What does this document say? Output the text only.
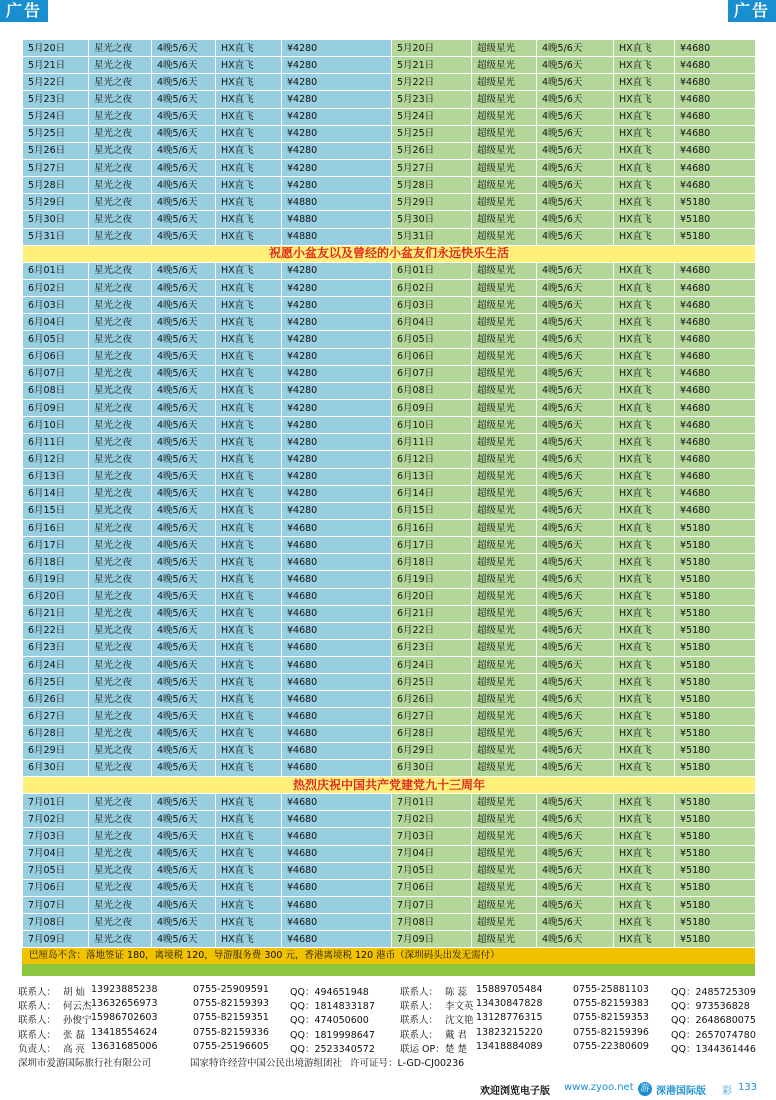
广告	广告
5月20日	星光之夜	4晚5/6天	HX直飞	¥4280	5月20日	超级星光	4晚5/6天	HX直飞	¥4680
5月21日	星光之夜	4晚5/6天	HX直飞	¥4280	5月21日	超级星光	4晚5/6天	HX直飞	¥4680
5月22日	星光之夜	4晚5/6天	HX直飞	¥4280	5月22日	超级星光	4晚5/6天	HX直飞	¥4680
5月23日	星光之夜	4晚5/6天	HX直飞	¥4280	5月23日	超级星光	4晚5/6天	HX直飞	¥4680
5月24日	星光之夜	4晚5/6天	HX直飞	¥4280	5月24日	超级星光	4晚5/6天	HX直飞	¥4680
5月25日	星光之夜	4晚5/6天	HX直飞	¥4280	5月25日	超级星光	4晚5/6天	HX直飞	¥4680
5月26日	星光之夜	4晚5/6天	HX直飞	¥4280	5月26日	超级星光	4晚5/6天	HX直飞	¥4680
5月27日	星光之夜	4晚5/6天	HX直飞	¥4280	5月27日	超级星光	4晚5/6天	HX直飞	¥4680
5月28日	星光之夜	4晚5/6天	HX直飞	¥4280	5月28日	超级星光	4晚5/6天	HX直飞	¥4680
5月29日	星光之夜	4晚5/6天	HX直飞	¥4880	5月29日	超级星光	4晚5/6天	HX直飞	¥5180
5月30日	星光之夜	4晚5/6天	HX直飞	¥4880	5月30日	超级星光	4晚5/6天	HX直飞	¥5180
5月31日	星光之夜	4晚5/6天	HX直飞	¥4880	5月31日	超级星光	4晚5/6天	HX直飞	¥5180
祝愿小盆友以及曾经的小盆友们永远快乐生活									
6月01日	星光之夜	4晚5/6天	HX直飞	¥4280	6月01日	超级星光	4晚5/6天	HX直飞	¥4680
6月02日	星光之夜	4晚5/6天	HX直飞	¥4280	6月02日	超级星光	4晚5/6天	HX直飞	¥4680
6月03日	星光之夜	4晚5/6天	HX直飞	¥4280	6月03日	超级星光	4晚5/6天	HX直飞	¥4680
6月04日	星光之夜	4晚5/6天	HX直飞	¥4280	6月04日	超级星光	4晚5/6天	HX直飞	¥4680
6月05日	星光之夜	4晚5/6天	HX直飞	¥4280	6月05日	超级星光	4晚5/6天	HX直飞	¥4680
6月06日	星光之夜	4晚5/6天	HX直飞	¥4280	6月06日	超级星光	4晚5/6天	HX直飞	¥4680
6月07日	星光之夜	4晚5/6天	HX直飞	¥4280	6月07日	超级星光	4晚5/6天	HX直飞	¥4680
6月08日	星光之夜	4晚5/6天	HX直飞	¥4280	6月08日	超级星光	4晚5/6天	HX直飞	¥4680
6月09日	星光之夜	4晚5/6天	HX直飞	¥4280	6月09日	超级星光	4晚5/6天	HX直飞	¥4680
6月10日	星光之夜	4晚5/6天	HX直飞	¥4280	6月10日	超级星光	4晚5/6天	HX直飞	¥4680
6月11日	星光之夜	4晚5/6天	HX直飞	¥4280	6月11日	超级星光	4晚5/6天	HX直飞	¥4680
6月12日	星光之夜	4晚5/6天	HX直飞	¥4280	6月12日	超级星光	4晚5/6天	HX直飞	¥4680
6月13日	星光之夜	4晚5/6天	HX直飞	¥4280	6月13日	超级星光	4晚5/6天	HX直飞	¥4680
6月14日	星光之夜	4晚5/6天	HX直飞	¥4280	6月14日	超级星光	4晚5/6天	HX直飞	¥4680
6月15日	星光之夜	4晚5/6天	HX直飞	¥4280	6月15日	超级星光	4晚5/6天	HX直飞	¥4680
6月16日	星光之夜	4晚5/6天	HX直飞	¥4680	6月16日	超级星光	4晚5/6天	HX直飞	¥5180
6月17日	星光之夜	4晚5/6天	HX直飞	¥4680	6月17日	超级星光	4晚5/6天	HX直飞	¥5180
6月18日	星光之夜	4晚5/6天	HX直飞	¥4680	6月18日	超级星光	4晚5/6天	HX直飞	¥5180
6月19日	星光之夜	4晚5/6天	HX直飞	¥4680	6月19日	超级星光	4晚5/6天	HX直飞	¥5180
6月20日	星光之夜	4晚5/6天	HX直飞	¥4680	6月20日	超级星光	4晚5/6天	HX直飞	¥5180
6月21日	星光之夜	4晚5/6天	HX直飞	¥4680	6月21日	超级星光	4晚5/6天	HX直飞	¥5180
6月22日	星光之夜	4晚5/6天	HX直飞	¥4680	6月22日	超级星光	4晚5/6天	HX直飞	¥5180
6月23日	星光之夜	4晚5/6天	HX直飞	¥4680	6月23日	超级星光	4晚5/6天	HX直飞	¥5180
6月24日	星光之夜	4晚5/6天	HX直飞	¥4680	6月24日	超级星光	4晚5/6天	HX直飞	¥5180
6月25日	星光之夜	4晚5/6天	HX直飞	¥4680	6月25日	超级星光	4晚5/6天	HX直飞	¥5180
6月26日	星光之夜	4晚5/6天	HX直飞	¥4680	6月26日	超级星光	4晚5/6天	HX直飞	¥5180
6月27日	星光之夜	4晚5/6天	HX直飞	¥4680	6月27日	超级星光	4晚5/6天	HX直飞	¥5180
6月28日	星光之夜	4晚5/6天	HX直飞	¥4680	6月28日	超级星光	4晚5/6天	HX直飞	¥5180
6月29日	星光之夜	4晚5/6天	HX直飞	¥4680	6月29日	超级星光	4晚5/6天	HX直飞	¥5180
6月30日	星光之夜	4晚5/6天	HX直飞	¥4680	6月30日	超级星光	4晚5/6天	HX直飞	¥5180
热烈庆祝中国共产党建党九十三周年									
7月01日	星光之夜	4晚5/6天	HX直飞	¥4680	7月01日	超级星光	4晚5/6天	HX直飞	¥5180
7月02日	星光之夜	4晚5/6天	HX直飞	¥4680	7月02日	超级星光	4晚5/6天	HX直飞	¥5180
7月03日	星光之夜	4晚5/6天	HX直飞	¥4680	7月03日	超级星光	4晚5/6天	HX直飞	¥5180
7月04日	星光之夜	4晚5/6天	HX直飞	¥4680	7月04日	超级星光	4晚5/6天	HX直飞	¥5180
7月05日	星光之夜	4晚5/6天	HX直飞	¥4680	7月05日	超级星光	4晚5/6天	HX直飞	¥5180
7月06日	星光之夜	4晚5/6天	HX直飞	¥4680	7月06日	超级星光	4晚5/6天	HX直飞	¥5180
7月07日	星光之夜	4晚5/6天	HX直飞	¥4680	7月07日	超级星光	4晚5/6天	HX直飞	¥5180
7月08日	星光之夜	4晚5/6天	HX直飞	¥4680	7月08日	超级星光	4晚5/6天	HX直飞	¥5180
7月09日	星光之夜	4晚5/6天	HX直飞	¥4680	7月09日	超级星光	4晚5/6天	HX直飞	¥5180
巴厘岛不含：落地签证 180，离境税 120，导游服务费 300 元，香港离境税 120 港币（深圳码头出发无需付）
联系人： 胡 灿 13923885238	0755-25909591 QQ：494651948	联系人： 陈 蕊 15889705484	0755-25881103 QQ：2485725309
联系人： 何云杰 13632656973	0755-82159393 QQ：1814833187	联系人： 李文英 13430847828	0755-82159383 QQ：973536828
联系人： 孙俊宁 15986702603	0755-82159351 QQ：474050600	联系人： 沈文艳 13128776315	0755-82159353 QQ：2648680075
联系人： 张 磊 13418554624	0755-82159336 QQ：1819998647	联系人： 戴 君 13823215220	0755-82159396 QQ：2657074780
负责人： 高 亮 13631685006	0755-25196605 QQ：2523340572	联运 OP： 楚 楚 13418884089	0755-22380609 QQ：1344361446
深圳市爱游国际旅行社有限公司	国家特许经营中国公民出境游组团社 许可证号：L-GD-CJ00236
欢迎浏览电子版 www.zyoo.net 游 深港国际版 彩 133
